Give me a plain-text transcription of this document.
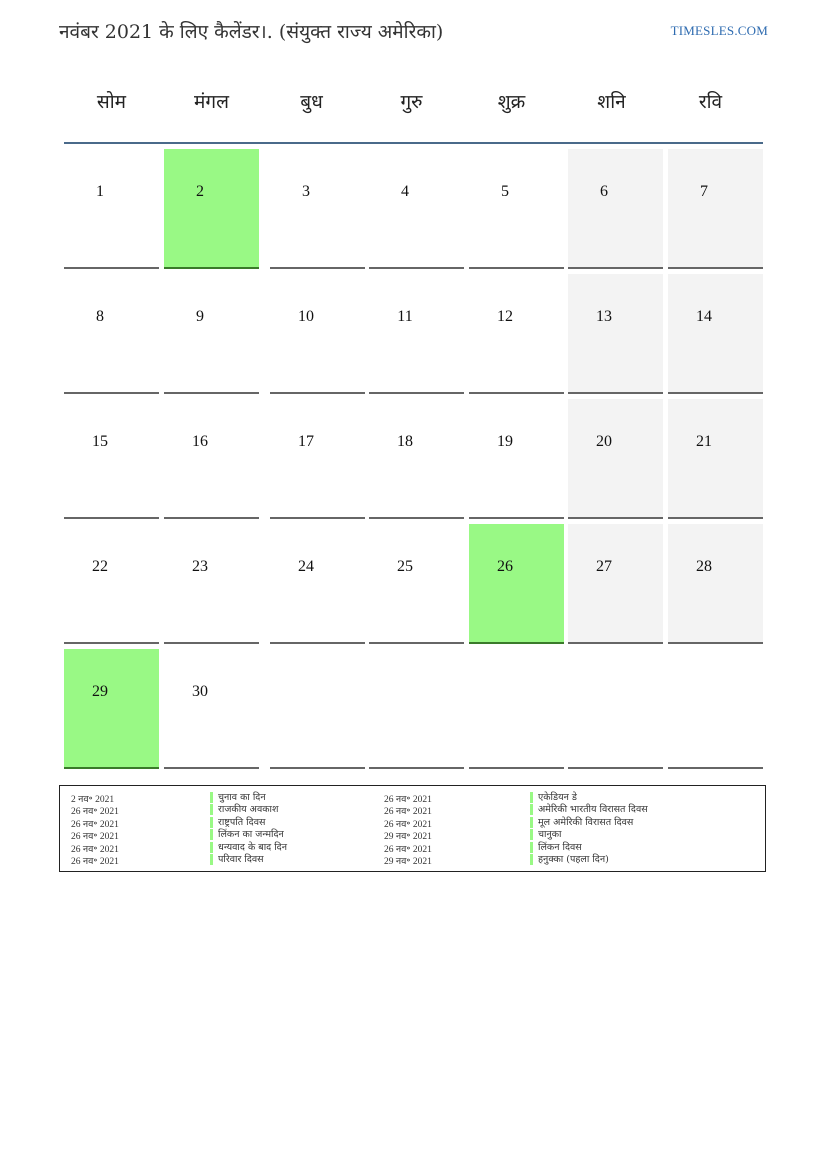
नवंबर 2021 के लिए कैलेंडर।. (संयुक्त राज्य अमेरिका)	TIMESLES.COM
सोम	मंगल	बुध	गुरु	शुक्र	शनि	रवि
1	2	3	4	5	6	7
8	9	10	11	12	13	14
15	16	17	18	19	20	21
22	23	24	25	26	27	28
29	30
2 नव॰ 2021	चुनाव का दिन
26 नव॰ 2021	राजकीय अवकाश
26 नव॰ 2021	राष्ट्रपति दिवस
26 नव॰ 2021	लिंकन का जन्मदिन
26 नव॰ 2021	धन्यवाद के बाद दिन
26 नव॰ 2021	परिवार दिवस
26 नव॰ 2021	एकेडियन डे
26 नव॰ 2021	अमेरिकी भारतीय विरासत दिवस
26 नव॰ 2021	मूल अमेरिकी विरासत दिवस
29 नव॰ 2021	चानुका
26 नव॰ 2021	लिंकन दिवस
29 नव॰ 2021	हनुक्का (पहला दिन)
